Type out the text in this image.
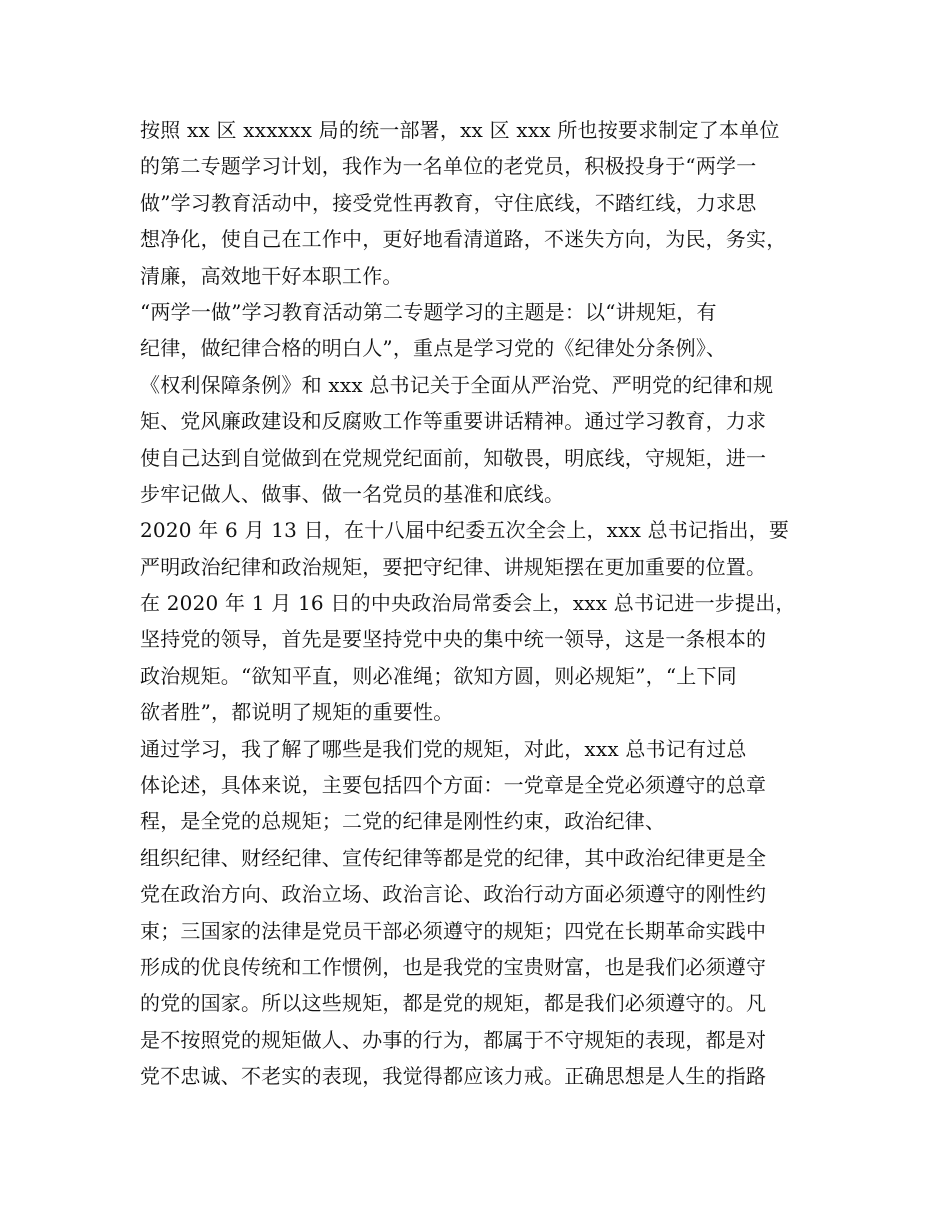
按照 xx 区 xxxxxx 局的统一部署，xx 区 xxx 所也按要求制定了本单位
的第二专题学习计划，我作为一名单位的老党员，积极投身于“两学一
做”学习教育活动中，接受党性再教育，守住底线，不踏红线，力求思
想净化，使自己在工作中，更好地看清道路，不迷失方向，为民，务实，
清廉，高效地干好本职工作。
“两学一做”学习教育活动第二专题学习的主题是：以“讲规矩，有
纪律，做纪律合格的明白人”，重点是学习党的《纪律处分条例》、
《权利保障条例》和 xxx 总书记关于全面从严治党、严明党的纪律和规
矩、党风廉政建设和反腐败工作等重要讲话精神。通过学习教育，力求
使自己达到自觉做到在党规党纪面前，知敬畏，明底线，守规矩，进一
步牢记做人、做事、做一名党员的基准和底线。
2020 年 6 月 13 日，在十八届中纪委五次全会上，xxx 总书记指出，要
严明政治纪律和政治规矩，要把守纪律、讲规矩摆在更加重要的位置。
在 2020 年 1 月 16 日的中央政治局常委会上，xxx 总书记进一步提出，
坚持党的领导，首先是要坚持党中央的集中统一领导，这是一条根本的
政治规矩。“欲知平直，则必准绳；欲知方圆，则必规矩”，“上下同
欲者胜”，都说明了规矩的重要性。
通过学习，我了解了哪些是我们党的规矩，对此，xxx 总书记有过总
体论述，具体来说，主要包括四个方面：一党章是全党必须遵守的总章
程，是全党的总规矩；二党的纪律是刚性约束，政治纪律、
组织纪律、财经纪律、宣传纪律等都是党的纪律，其中政治纪律更是全
党在政治方向、政治立场、政治言论、政治行动方面必须遵守的刚性约
束；三国家的法律是党员干部必须遵守的规矩；四党在长期革命实践中
形成的优良传统和工作惯例，也是我党的宝贵财富，也是我们必须遵守
的党的国家。所以这些规矩，都是党的规矩，都是我们必须遵守的。凡
是不按照党的规矩做人、办事的行为，都属于不守规矩的表现，都是对
党不忠诚、不老实的表现，我觉得都应该力戒。正确思想是人生的指路
